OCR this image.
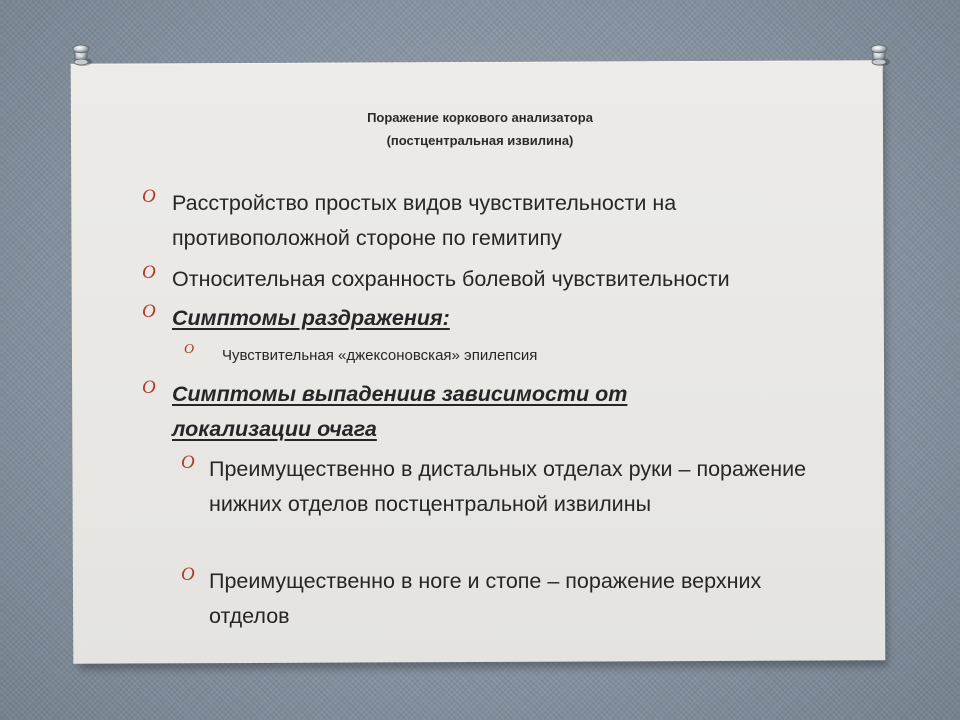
Поражение коркового анализатора
(постцентральная извилина)
O Расстройство простых видов чувствительности на противоположной стороне по гемитипу
O Относительная сохранность болевой чувствительности
O Симптомы раздражения:
O Чувствительная «джексоновская» эпилепсия
O Симптомы выпадениив зависимости от локализации очага
O Преимущественно в дистальных отделах руки – поражение нижних отделов постцентральной извилины
O Преимущественно в ноге и стопе – поражение верхних отделов
